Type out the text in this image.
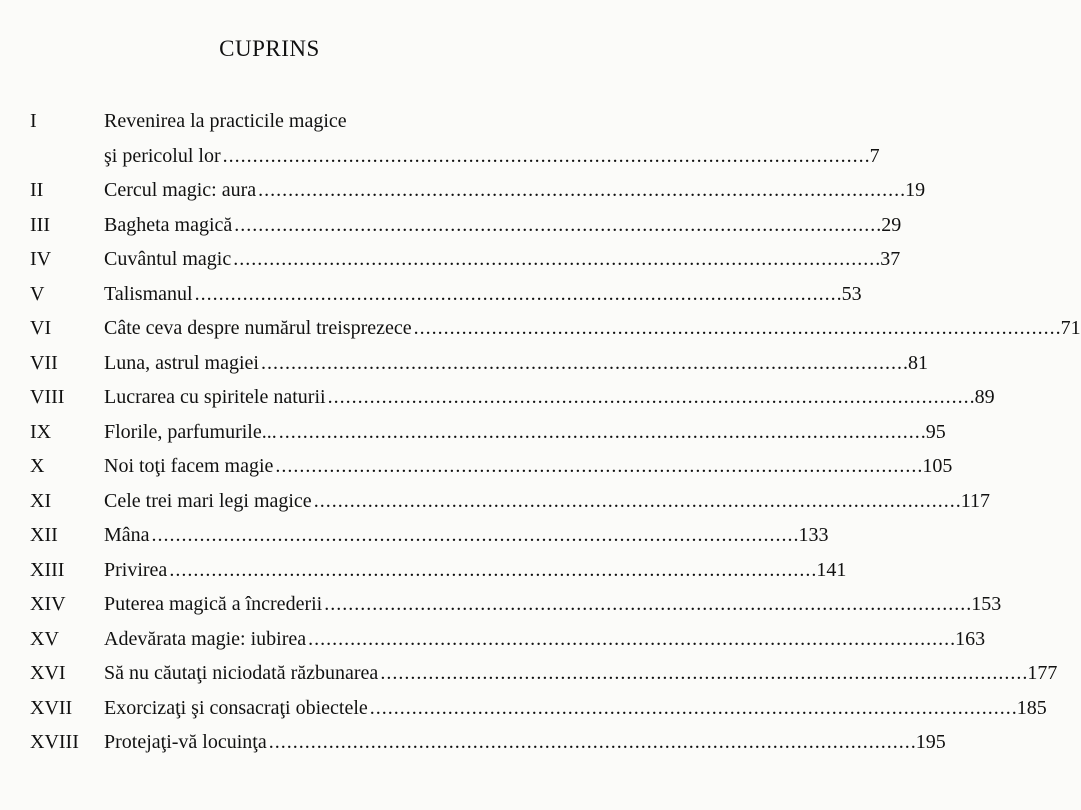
CUPRINS
I	Revenirea la practicile magice
şi pericolul lor . . .	7
II	Cercul magic: aura . . .	19
III	Bagheta magică . . .	29
IV	Cuvântul magic . . .	37
V	Talismanul . . .	53
VI	Câte ceva despre numărul treisprezece . . .	71
VII	Luna, astrul magiei . . .	81
VIII	Lucrarea cu spiritele naturii . . .	89
IX	Florile, parfumurile... . . .	95
X	Noi toţi facem magie . . .	105
XI	Cele trei mari legi magice . . .	117
XII	Mâna . . .	133
XIII	Privirea . . .	141
XIV	Puterea magică a încrederii . . .	153
XV	Adevărata magie: iubirea . . .	163
XVI	Să nu căutaţi niciodată răzbunarea . . .	177
XVII	Exorcizaţi şi consacraţi obiectele . . .	185
XVIII	Protejaţi-vă locuinţa . . .	195
